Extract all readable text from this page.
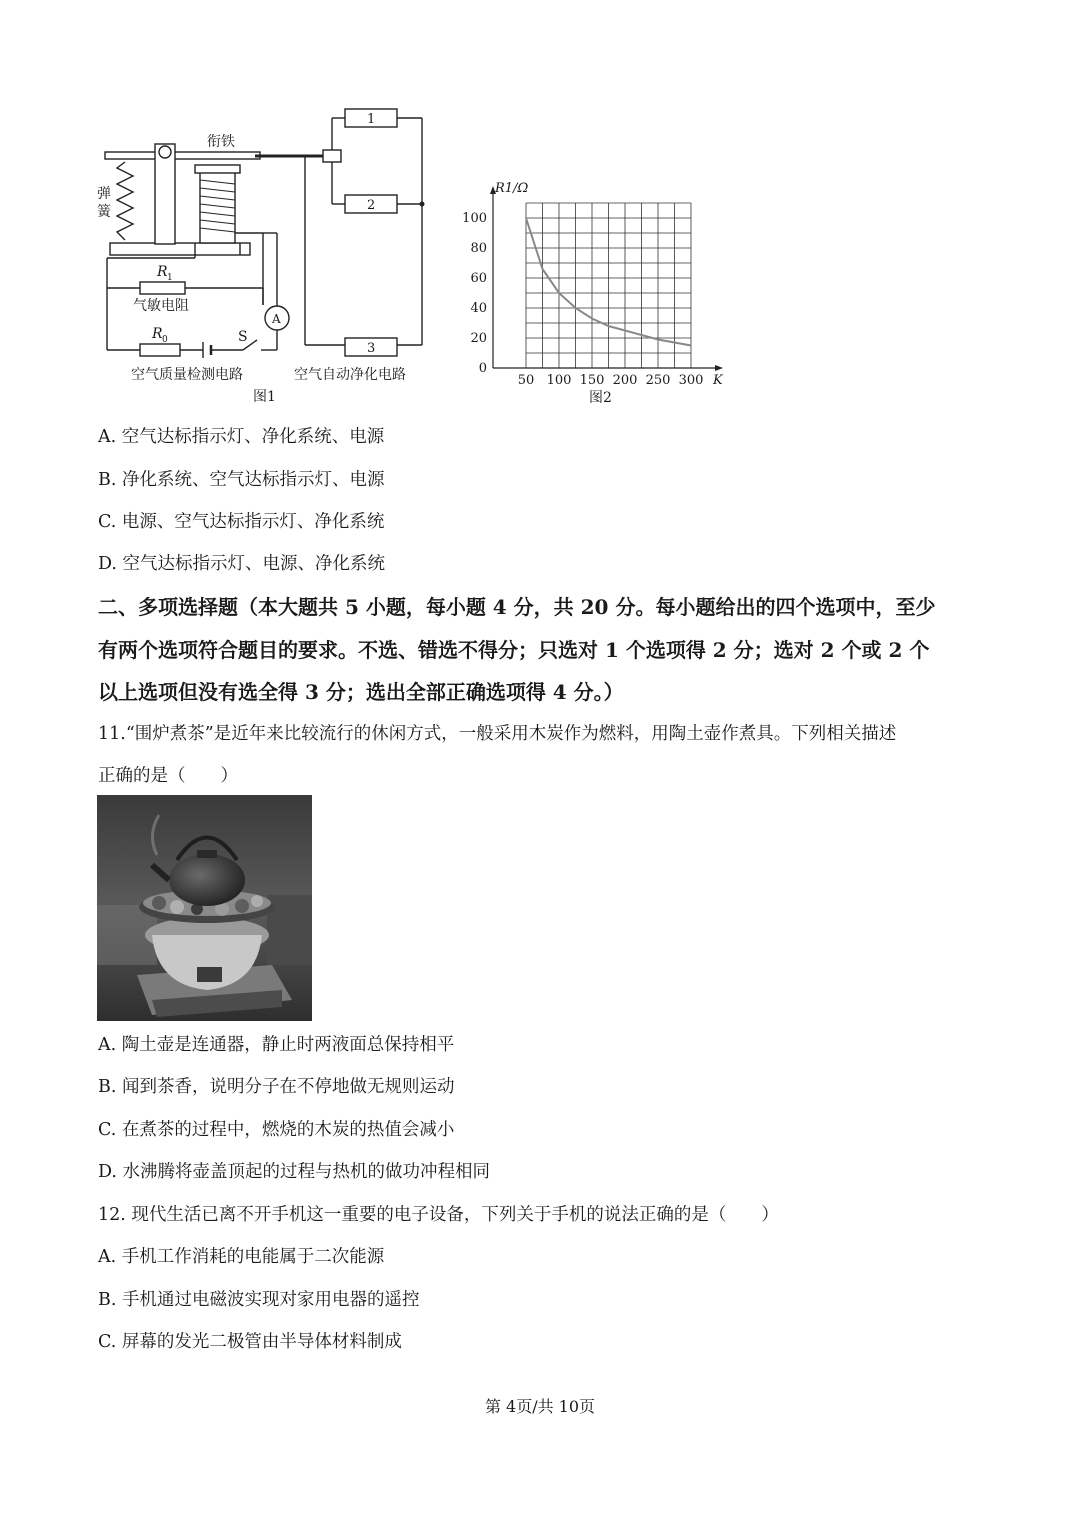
衔铁
弹
簧
R 1
气敏电阻
R 0	S
A
1
2
3
空气质量检测电路	空气自动净化电路
图1
0
20
40
60
80
100
50 100 150 200 250 300
R1/Ω
K
图2
A. 空气达标指示灯、净化系统、电源
B. 净化系统、空气达标指示灯、电源
C. 电源、空气达标指示灯、净化系统
D. 空气达标指示灯、电源、净化系统
二、多项选择题（本大题共 5 小题，每小题 4 分，共 20 分。每小题给出的四个选项中，至少
有两个选项符合题目的要求。不选、错选不得分；只选对 1 个选项得 2 分；选对 2 个或 2 个
以上选项但没有选全得 3 分；选出全部正确选项得 4 分。）
11.“围炉煮茶”是近年来比较流行的休闲方式，一般采用木炭作为燃料，用陶土壶作煮具。下列相关描述
正确的是（　　）
A. 陶土壶是连通器，静止时两液面总保持相平
B. 闻到茶香，说明分子在不停地做无规则运动
C. 在煮茶的过程中，燃烧的木炭的热值会减小
D. 水沸腾将壶盖顶起的过程与热机的做功冲程相同
12. 现代生活已离不开手机这一重要的电子设备，下列关于手机的说法正确的是（　　）
A. 手机工作消耗的电能属于二次能源
B. 手机通过电磁波实现对家用电器的遥控
C. 屏幕的发光二极管由半导体材料制成
第 4页/共 10页
